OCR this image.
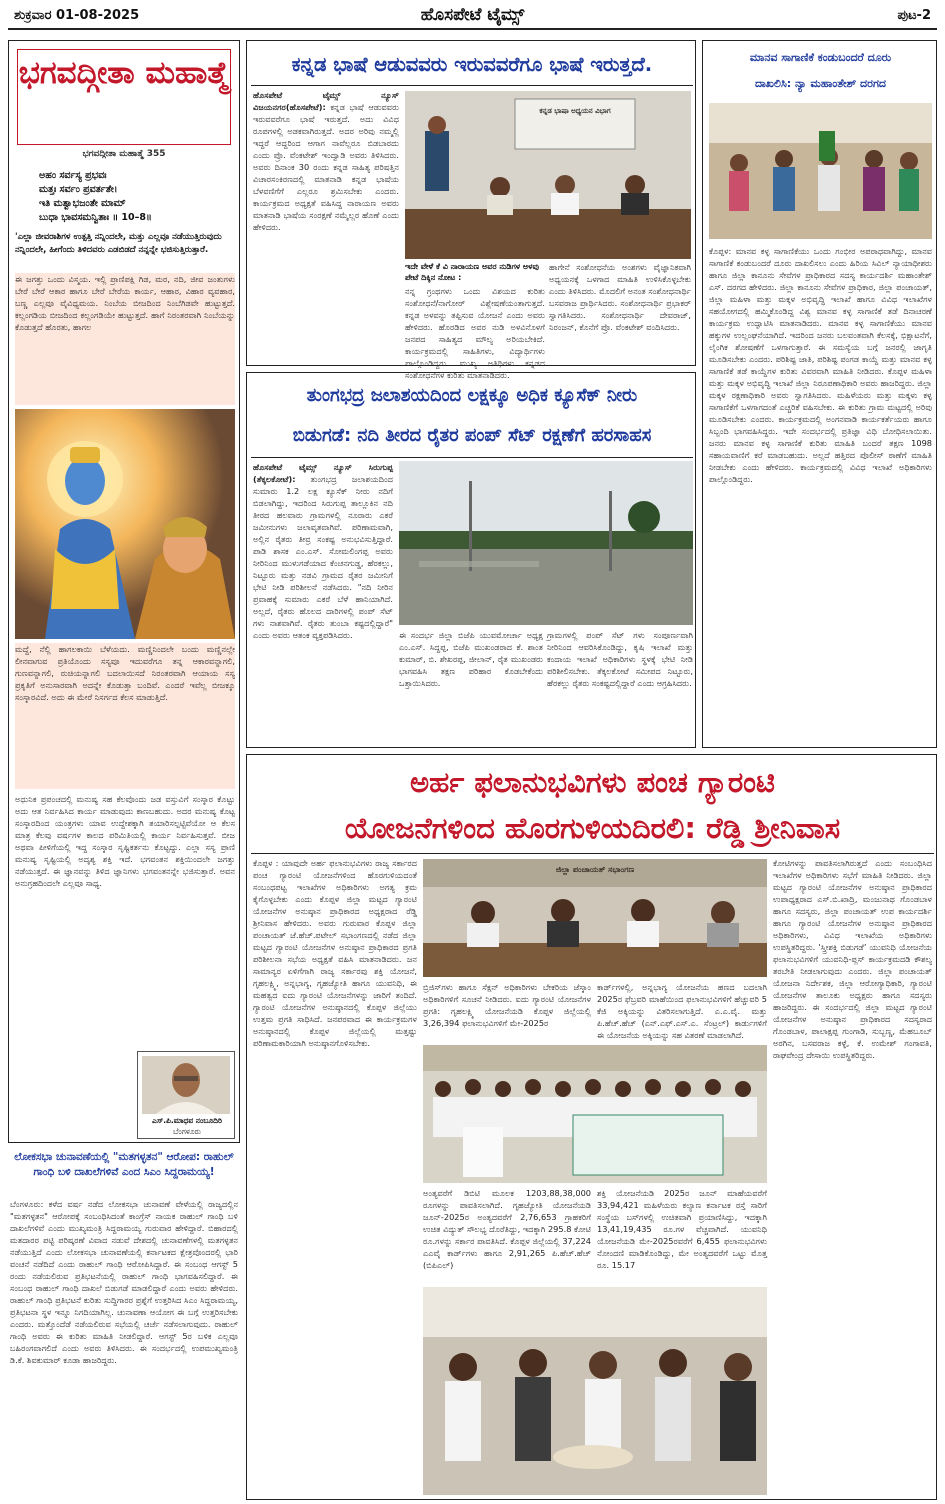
ಶುಕ್ರವಾರ 01-08-2025	ಹೊಸಪೇಟೆ ಟೈಮ್ಸ್	ಪುಟ-2
ಭಗವದ್ಗೀತಾ ಮಹಾತ್ಮೆ
ಭಗವದ್ಗೀತಾ ಮಹಾತ್ಮೆ 355
ಅಹಂ ಸರ್ವಸ್ಯ ಪ್ರಭವಃ
ಮತ್ತಃ ಸರ್ವಂ ಪ್ರವರ್ತತೇ।
ಇತಿ ಮತ್ವಾಭಜಂತೇ ಮಾಮ್
ಬುಧಾ ಭಾವಸಮನ್ವಿತಾಃ ॥ 10–8॥
'ಎಲ್ಲಾ ಜೀವರಾಶಿಗಳ ಉತ್ಪತ್ತಿ ನನ್ನಿಂದಲೇ, ಮತ್ತು ಎಲ್ಲವೂ ನಡೆಯುತ್ತಿರುವುದು ನನ್ನಿಂದಲೇ, ಹೀಗೆಂದು ತಿಳಿದವರು ಎಡಬಿಡದೆ ನನ್ನನ್ನೇ ಭಜಿಸುತ್ತಿರುತ್ತಾರೆ.
ಈ ಜಗತ್ತು ಒಂದು ವಿಸ್ಮಯ. ಇಲ್ಲಿ ಪ್ರಾಣಿಪಕ್ಷಿ ಗಿಡ, ಮರ, ನದಿ, ಜೀವ ಜಂತುಗಳು ಬೇರೆ ಬೇರೆ ಆಕಾರ ಹಾಗೂ ಬೇರೆ ಬೇರೆಯ ಕಾರ್ಯ, ಆಹಾರ, ವಿಹಾರ ವ್ಯವಹಾರ, ಬಣ್ಣ ಎಲ್ಲವೂ ವೈವಿಧ್ಯಮಯ. ನಿಂಬೆಯ ಬೀಜದಿಂದ ನಿಂಬೆಗಿಡವೇ ಹುಟ್ಟುತ್ತದೆ. ಕಲ್ಲಂಗಡಿಯ ಬೀಜದಿಂದ ಕಲ್ಲಂಗಡಿಯೇ ಹುಟ್ಟುತ್ತದೆ. ಹಾಗೆ ನಿರಂತರವಾಗಿ ನಿಂಬೆಯನ್ನು ಕೊಡುತ್ತದೆ ಹೊರತು, ಹಾಗಲ
ಮದ್ದೆ, ನೆಲ್ಲಿ ಹಾಗಲಕಾಯಿ ಬೆಳೆಯದು. ಮಣ್ಣಿನಿಂದಲೇ ಬಂದು ಮಣ್ಣಿನಲ್ಲೇ ಲೀನವಾಗುವ ಪ್ರತಿಯೊಂದು ಸಸ್ಯವೂ ಇದುವರೆಗೂ ತನ್ನ ಆಕಾರವನ್ನಾಗಲಿ, ಗುಣವನ್ನಾಗಲಿ, ರುಚಿಯನ್ನಾಗಲಿ ಬದಲಾಯಿಸದೆ ನಿರಂತರವಾಗಿ ಆಯಾಯ ಸಸ್ಯ ಪ್ರಕೃತಿಗೆ ಅನುಸಾರವಾಗಿ ಅದನ್ನೇ ಕೊಡುತ್ತಾ ಬಂದಿವೆ. ಎಂದರೆ ಇವೆಲ್ಲ ಬೀಜಕ್ಕೂ ಸಂಸ್ಕಾರವಿದೆ. ಅದು ಈ ಮೇರೆ ನಿಸರ್ಗದ ಕೆಲಸ ಮಾಡುತ್ತಿದೆ.
ಅಧುನಿಕ ಪ್ರಪಂಚದಲ್ಲಿ ಮನುಷ್ಯ ಸಹ ಕೆಲವೊಂದು ಜಡ ವಸ್ತುವಿಗೆ ಸಂಸ್ಕಾರ ಕೊಟ್ಟು ಅದು ಆತ ನಿರ್ವಹಿಸಿದ ಕಾರ್ಯ ಮಾಡುವುದು ಕಾಣಬಹುದು. ಅದರ ಮನುಷ್ಯ ಕೊಟ್ಟ ಸಂಸ್ಕಾರದಿಂದ ಯಂತ್ರಗಳು ಯಾವ ಉದ್ದೇಶಕ್ಕಾಗಿ ತಯಾರಿಸಲ್ಪಟ್ಟಿವೆಯೋ ಆ ಕೆಲಸ ಮಾತ್ರ ಕೆಲವು ವರ್ಷಗಳ ಕಾಲದ ಪರಿಮಿತಿಯಲ್ಲಿ ಕಾರ್ಯ ನಿರ್ವಹಿಸುತ್ತವೆ. ಬೀಜ ಅಥವಾ ಪೀಳಿಗೆಯಲ್ಲಿ ಇದ್ದ ಸಂಸ್ಕಾರ ಸೃಷ್ಟಿಕರ್ತನು ಕೊಟ್ಟದ್ದು. ಎಲ್ಲಾ ಸಸ್ಯ ಪ್ರಾಣಿ ಮನುಷ್ಯ ಸೃಷ್ಟಿಯಲ್ಲಿ ಅದೃಶ್ಯ ಶಕ್ತಿ ಇದೆ. ಭಗವಂತನ ಶಕ್ತಿಯಿಂದಲೇ ಜಗತ್ತು ನಡೆಯುತ್ತದೆ. ಈ ಜ್ಞಾನವನ್ನು ತಿಳಿದ ಜ್ಞಾನಿಗಳು ಭಗವಂತನನ್ನೇ ಭಜಿಸುತ್ತಾರೆ. ಅವನ ಅನುಗ್ರಹದಿಂದಲೇ ಎಲ್ಲವೂ ಸಾಧ್ಯ.
ಎಸ್.ಪಿ.ಮಾಧವ ನಂಬೂದಿರಿ
ಬೆಂಗಳೂರು
ಲೋಕಸಭಾ ಚುನಾವಣೆಯಲ್ಲಿ "ಮತಗಳ್ಳತನ" ಆರೋಪ: ರಾಹುಲ್ ಗಾಂಧಿ ಬಳಿ ದಾಖಲೆಗಳಿವೆ ಎಂದ ಸಿಎಂ ಸಿದ್ದರಾಮಯ್ಯ!
ಬೆಂಗಳೂರು: ಕಳೆದ ವರ್ಷ ನಡೆದ ಲೋಕಸಭಾ ಚುನಾವಣೆ ವೇಳೆಯಲ್ಲಿ ರಾಜ್ಯದಲ್ಲಿನ "ಮತಗಳ್ಳತನ" ಆರೋಪಕ್ಕೆ ಸಂಬಂಧಿಸಿದಂತೆ ಕಾಂಗ್ರೆಸ್ ನಾಯಕ ರಾಹುಲ್ ಗಾಂಧಿ ಬಳಿ ದಾಖಲೆಗಳಿವೆ ಎಂದು ಮುಖ್ಯಮಂತ್ರಿ ಸಿದ್ದರಾಮಯ್ಯ ಗುರುವಾರ ಹೇಳಿದ್ದಾರೆ. ಬಿಹಾರದಲ್ಲಿ ಮತದಾರರ ಪಟ್ಟಿ ಪರಿಷ್ಕರಣೆ ವಿವಾದ ನಡುವೆ ದೇಶದಲ್ಲಿ ಚುನಾವಣೆಗಳಲ್ಲಿ ಮತಗಳ್ಳತನ ನಡೆಯುತ್ತಿದೆ ಎಂದು ಲೋಕಸಭಾ ಚುನಾವಣೆಯಲ್ಲಿ ಕರ್ನಾಟಕದ ಕ್ಷೇತ್ರವೊಂದರಲ್ಲಿ ಭಾರಿ ವಂಚನೆ ನಡೆದಿದೆ ಎಂದು ರಾಹುಲ್ ಗಾಂಧಿ ಆರೋಪಿಸಿದ್ದಾರೆ. ಈ ಸಂಬಂಧ ಆಗಸ್ಟ್ 5 ರಂದು ನಡೆಯಲಿರುವ ಪ್ರತಿಭಟನೆಯಲ್ಲಿ ರಾಹುಲ್ ಗಾಂಧಿ ಭಾಗವಹಿಸಲಿದ್ದಾರೆ. ಈ ಸಂಬಂಧ ರಾಹುಲ್ ಗಾಂಧಿ ದಾಖಲೆ ಬಿಡುಗಡೆ ಮಾಡಲಿದ್ದಾರೆ ಎಂದು ಅವರು ಹೇಳಿದರು. ರಾಹುಲ್ ಗಾಂಧಿ ಪ್ರತಿಭಟನೆ ಕುರಿತು ಸುದ್ದಿಗಾರರ ಪ್ರಶ್ನೆಗೆ ಉತ್ತರಿಸಿದ ಸಿಎಂ ಸಿದ್ದರಾಮಯ್ಯ, ಪ್ರತಿಭಟನಾ ಸ್ಥಳ ಇನ್ನೂ ನಿಗದಿಯಾಗಿಲ್ಲ. ಚುನಾವಣಾ ಆಯೋಗ ಈ ಬಗ್ಗೆ ಉತ್ತರಿಸಬೇಕು ಎಂದರು. ಮತ್ತೊಂದೆಡೆ ನಡೆಯಲಿರುವ ಸಭೆಯಲ್ಲಿ ಚರ್ಚೆ ನಡೆಸಲಾಗುವುದು. ರಾಹುಲ್ ಗಾಂಧಿ ಅವರು ಈ ಕುರಿತು ಮಾಹಿತಿ ನೀಡಲಿದ್ದಾರೆ. ಆಗಸ್ಟ್ 5ರ ಬಳಿಕ ಎಲ್ಲವೂ ಬಹಿರಂಗವಾಗಲಿದೆ ಎಂದು ಅವರು ತಿಳಿಸಿದರು. ಈ ಸಂದರ್ಭದಲ್ಲಿ ಉಪಮುಖ್ಯಮಂತ್ರಿ ಡಿ.ಕೆ. ಶಿವಕುಮಾರ್ ಕೂಡಾ ಹಾಜರಿದ್ದರು.
ಕನ್ನಡ ಭಾಷೆ ಆಡುವವರು ಇರುವವರೆಗೂ ಭಾಷೆ ಇರುತ್ತದೆ.
ಹೊಸಪೇಟೆ ಟೈಮ್ಸ್ ನ್ಯೂಸ್ ವಿಜಯನಗರ(ಹೊಸಪೇಟೆ): ಕನ್ನಡ ಭಾಷೆ ಆಡುವವರು ಇರುವವರೆಗೂ ಭಾಷೆ ಇರುತ್ತದೆ. ಅದು ವಿವಿಧ ರೂಪಗಳಲ್ಲಿ ಅಡಕವಾಗಿರುತ್ತದೆ. ಅದರ ಅರಿವು ನಮ್ಮಲ್ಲಿ ಇದ್ದರೆ ಆದ್ದರಿಂದ ಆಗಾಗ ನಾವೆಲ್ಲರೂ ಬಿಡಬಾರದು ಎಂದು ಪ್ರೊ. ವೆಂಕಟೇಶ್ ಇಂದ್ವಾಡಿ ಅವರು ತಿಳಿಸಿದರು. ಅವರು ದಿನಾಂಕ 30 ರಂದು ಕನ್ನಡ ಸಾಹಿತ್ಯ ಪರಿಷತ್ತಿನ ವಿಚಾರಸಂಕಿರಣದಲ್ಲಿ ಮಾತನಾಡಿ ಕನ್ನಡ ಭಾಷೆಯ ಬೆಳವಣಿಗೆಗೆ ಎಲ್ಲರೂ ಶ್ರಮಿಸಬೇಕು ಎಂದರು. ಕಾರ್ಯಕ್ರಮದ ಅಧ್ಯಕ್ಷತೆ ವಹಿಸಿದ್ದ ನಾರಾಯಣ ಅವರು ಮಾತನಾಡಿ ಭಾಷೆಯ ಸಂರಕ್ಷಣೆ ನಮ್ಮೆಲ್ಲರ ಹೊಣೆ ಎಂದು ಹೇಳಿದರು.
ಕನ್ನಡ ಭಾಷಾ ಅಧ್ಯಯನ ವಿಭಾಗ
ಇದೇ ವೇಳೆ ಕೆ ವಿ ನಾರಾಯಣ ಅವರ ನುಡಿಗಳ ಅಳವು ಪೇಟೆ ದಿಕ್ಕಿನ ನೋಟ :
ನನ್ನ ಗ್ರಂಥಗಳು ಒಂದು ವಿಶಯದ ಕುರಿತು ಸಂಶೋಧನೆ/ನಾಗೋರ್ ವಿಶ್ಲೇಷಣೆಯಂತಾಗುತ್ತದೆ. ಕನ್ನಡ ಅಳವನ್ನು ತಪ್ಪಿಸುವ ಯೋಜನೆ ಎಂದು ಅವರು ಹೇಳಿದರು. ಹೊರಡಿದ ಅವರ ನುಡಿ ಅಳವಿನೊಳಗೆ ಜನಪದ ಸಾಹಿತ್ಯದ ಮೌಲ್ಯ ಅರಿಯಬೇಕಿದೆ. ಕಾರ್ಯಕ್ರಮದಲ್ಲಿ ಸಾಹಿತಿಗಳು, ವಿದ್ಯಾರ್ಥಿಗಳು ಪಾಲ್ಗೊಂಡಿದ್ದರು. ಮುಖ್ಯ ಅತಿಥಿಗಳು ಕನ್ನಡದ ಸಂಶೋಧನೆಗಳ ಕುರಿತು ಮಾತನಾಡಿದರು.
ಹಾಗೇನೆ ಸಂಶೋಧನೆಯ ಅಂಶಗಳು ವೈಜ್ಞಾನಿಕವಾಗಿ ಅಧ್ಯಯನಕ್ಕೆ ಒಳಗಾದ ಮಾಹಿತಿ ಉಳಿಸಿಕೊಳ್ಳಬೇಕು ಎಂದು ತಿಳಿಸಿದರು. ಮೊದಲಿಗೆ ಅನಂತ ಸಂಶೋಧನಾರ್ಥಿ ಬಸವರಾಜ ಪ್ರಾರ್ಥಿಸಿದರು. ಸಂಶೋಧನಾರ್ಥಿ ಪ್ರಭಾಕರ್ ಸ್ವಾಗತಿಸಿದರು. ಸಂಶೋಧನಾರ್ಥಿ ದೇವರಾಜ್, ನಿರಂಜನ್, ಕೊನೆಗೆ ಪ್ರೊ. ವೆಂಕಟೇಶ್ ವಂದಿಸಿದರು.
ತುಂಗಭದ್ರ ಜಲಾಶಯದಿಂದ ಲಕ್ಷಕ್ಕೂ ಅಧಿಕ ಕ್ಯೂಸೆಕ್ ನೀರು
ಬಿಡುಗಡೆ: ನದಿ ತೀರದ ರೈತರ ಪಂಪ್ ಸೆಟ್ ರಕ್ಷಣೆಗೆ ಹರಸಾಹಸ
ಹೊಸಪೇಟೆ ಟೈಮ್ಸ್ ನ್ಯೂಸ್ ಸಿರುಗುಪ್ಪ (ತೆಕ್ಕಲಕೋಟೆ): ತುಂಗಭದ್ರ ಜಲಾಶಯದಿಂದ ಸುಮಾರು 1.2 ಲಕ್ಷ ಕ್ಯೂಸೆಕ್ ನೀರು ನದಿಗೆ ಬಿಡಲಾಗಿದ್ದು, ಇದರಿಂದ ಸಿರುಗುಪ್ಪ ತಾಲ್ಲೂಕಿನ ನದಿ ತೀರದ ಹಲವಾರು ಗ್ರಾಮಗಳಲ್ಲಿ ನೂರಾರು ಎಕರೆ ಜಮೀನುಗಳು ಜಲಾವೃತವಾಗಿವೆ. ಪರಿಣಾಮವಾಗಿ, ಅಲ್ಲಿನ ರೈತರು ತೀವ್ರ ಸಂಕಷ್ಟ ಅನುಭವಿಸುತ್ತಿದ್ದಾರೆ. ಪಾಡಿ ಶಾಸಕ ಎಂ.ಎಸ್. ಸೋಮಲಿಂಗಪ್ಪ ಅವರು ನೀರಿನಿಂದ ಮುಳುಗಡೆಯಾದ ಕೆಂಚನಗುಡ್ಡ, ಹೆರಕಲ್ಲು, ನಿಟ್ಟೂರು ಮತ್ತು ನಡವಿ ಗ್ರಾಮದ ರೈತರ ಜಮೀನಿಗೆ ಭೇಟಿ ನೀಡಿ ಪರಿಶೀಲನೆ ನಡೆಸಿದರು. "ನದಿ ನೀರಿನ ಪ್ರವಾಹಕ್ಕೆ ಸುಮಾರು ಎಕರೆ ಬೆಳೆ ಹಾನಿಯಾಗಿದೆ. ಅಲ್ಲದೆ, ರೈತರು ಹೊಲದ ದಾರಿಗಳಲ್ಲಿ ಪಂಪ್ ಸೆಟ್ ಗಳು ನಾಶವಾಗಿವೆ. ರೈತರು ತುಂಬಾ ಕಷ್ಟದಲ್ಲಿದ್ದಾರೆ" ಎಂದು ಅವರು ಆತಂಕ ವ್ಯಕ್ತಪಡಿಸಿದರು.	ಈ ಸಂದರ್ಭ ಜಿಲ್ಲಾ ಬಿಜೆಪಿ ಯುವಮೋರ್ಚಾ ಅಧ್ಯಕ್ಷ ಎಂ.ಎಸ್. ಸಿದ್ದಪ್ಪ, ಬಿಜೆಪಿ ಮುಖಂಡರಾದ ಕೆ. ಶಾಂತ ಕುಮಾರ್, ಬಿ. ಶೇಖರಪ್ಪ, ಜೀಲಾನ್, ರೈತ ಮುಖಂಡರು ಭಾಗವಹಿಸಿ ತಕ್ಷಣ ಪರಿಹಾರ ಕೊಡಬೇಕೆಂದು ಒತ್ತಾಯಿಸಿದರು.
ಗ್ರಾಮಗಳಲ್ಲಿ ಪಂಪ್ ಸೆಟ್ ಗಳು ಸಂಪೂರ್ಣವಾಗಿ ನೀರಿನಿಂದ ಆವರಿಸಿಕೊಂಡಿದ್ದು, ಕೃಷಿ ಇಲಾಖೆ ಮತ್ತು ಕಂದಾಯ ಇಲಾಖೆ ಅಧಿಕಾರಿಗಳು ಸ್ಥಳಕ್ಕೆ ಭೇಟಿ ನೀಡಿ ಪರಿಶೀಲಿಸಬೇಕು. ತೆಕ್ಕಲಕೋಟೆ ಸಮೀಪದ ನಿಟ್ಟೂರು, ಹೆರಕಲ್ಲು ರೈತರು ಸಂಕಷ್ಟದಲ್ಲಿದ್ದಾರೆ ಎಂದು ಆಗ್ರಹಿಸಿದರು.
ಮಾನವ ಸಾಗಾಣಿಕೆ ಕಂಡುಬಂದರೆ ದೂರು
ದಾಖಲಿಸಿ: ನ್ಯಾ ಮಹಾಂತೇಶ್ ದರಗದ
ಕೊಪ್ಪಳ: ಮಾನವ ಕಳ್ಳ ಸಾಗಾಣಿಕೆಯು ಒಂದು ಗಂಭೀರ ಅಪರಾಧವಾಗಿದ್ದು, ಮಾನವ ಸಾಗಾಣಿಕೆ ಕಂಡುಬಂದರೆ ದೂರು ದಾಖಲಿಸಲು ಎಂದು ಹಿರಿಯ ಸಿವಿಲ್ ನ್ಯಾಯಾಧೀಶರು ಹಾಗೂ ಜಿಲ್ಲಾ ಕಾನೂನು ಸೇವೆಗಳ ಪ್ರಾಧಿಕಾರದ ಸದಸ್ಯ ಕಾರ್ಯದರ್ಶಿ ಮಹಾಂತೇಶ್ ಎಸ್. ದರಗದ ಹೇಳಿದರು. ಜಿಲ್ಲಾ ಕಾನೂನು ಸೇವೆಗಳ ಪ್ರಾಧಿಕಾರ, ಜಿಲ್ಲಾ ಪಂಚಾಯತ್, ಜಿಲ್ಲಾ ಮಹಿಳಾ ಮತ್ತು ಮಕ್ಕಳ ಅಭಿವೃದ್ಧಿ ಇಲಾಖೆ ಹಾಗೂ ವಿವಿಧ ಇಲಾಖೆಗಳ ಸಹಯೋಗದಲ್ಲಿ ಹಮ್ಮಿಕೊಂಡಿದ್ದ ವಿಶ್ವ ಮಾನವ ಕಳ್ಳ ಸಾಗಾಣಿಕೆ ತಡೆ ದಿನಾಚರಣೆ ಕಾರ್ಯಕ್ರಮ ಉದ್ಘಾಟಿಸಿ ಮಾತನಾಡಿದರು. ಮಾನವ ಕಳ್ಳ ಸಾಗಾಣಿಕೆಯು ಮಾನವ ಹಕ್ಕುಗಳ ಉಲ್ಲಂಘನೆಯಾಗಿದೆ. ಇದರಿಂದ ಜನರು ಬಲವಂತವಾಗಿ ಕೆಲಸಕ್ಕೆ, ಭಿಕ್ಷಾಟನೆಗೆ, ಲೈಂಗಿಕ ಶೋಷಣೆಗೆ ಒಳಗಾಗುತ್ತಾರೆ. ಈ ಸಮಸ್ಯೆಯ ಬಗ್ಗೆ ಜನರಲ್ಲಿ ಜಾಗೃತಿ ಮೂಡಿಸಬೇಕು ಎಂದರು. ಪರಿಶಿಷ್ಟ ಜಾತಿ, ಪರಿಶಿಷ್ಟ ಪಂಗಡ ಕಾಯ್ದೆ ಮತ್ತು ಮಾನವ ಕಳ್ಳ ಸಾಗಾಣಿಕೆ ತಡೆ ಕಾಯ್ದೆಗಳ ಕುರಿತು ವಿವರವಾಗಿ ಮಾಹಿತಿ ನೀಡಿದರು. ಕೊಪ್ಪಳ ಮಹಿಳಾ ಮತ್ತು ಮಕ್ಕಳ ಅಭಿವೃದ್ಧಿ ಇಲಾಖೆ ಜಿಲ್ಲಾ ನಿರೂಪಣಾಧಿಕಾರಿ ಅವರು ಹಾಜರಿದ್ದರು. ಜಿಲ್ಲಾ ಮಕ್ಕಳ ರಕ್ಷಣಾಧಿಕಾರಿ ಅವರು ಸ್ವಾಗತಿಸಿದರು. ಮಹಿಳೆಯರು ಮತ್ತು ಮಕ್ಕಳು ಕಳ್ಳ ಸಾಗಾಣಿಕೆಗೆ ಒಳಗಾಗದಂತೆ ಎಚ್ಚರಿಕೆ ವಹಿಸಬೇಕು. ಈ ಕುರಿತು ಗ್ರಾಮ ಮಟ್ಟದಲ್ಲಿ ಅರಿವು ಮೂಡಿಸಬೇಕು ಎಂದರು. ಕಾರ್ಯಕ್ರಮದಲ್ಲಿ ಅಂಗನವಾಡಿ ಕಾರ್ಯಕರ್ತೆಯರು ಹಾಗೂ ಸಿಬ್ಬಂದಿ ಭಾಗವಹಿಸಿದ್ದರು. ಇದೇ ಸಂದರ್ಭದಲ್ಲಿ ಪ್ರತಿಜ್ಞಾ ವಿಧಿ ಬೋಧಿಸಲಾಯಿತು. ಜನರು ಮಾನವ ಕಳ್ಳ ಸಾಗಾಣಿಕೆ ಕುರಿತು ಮಾಹಿತಿ ಬಂದರೆ ತಕ್ಷಣ 1098 ಸಹಾಯವಾಣಿಗೆ ಕರೆ ಮಾಡಬಹುದು. ಅಲ್ಲದೆ ಹತ್ತಿರದ ಪೊಲೀಸ್ ಠಾಣೆಗೆ ಮಾಹಿತಿ ನೀಡಬೇಕು ಎಂದು ಹೇಳಿದರು. ಕಾರ್ಯಕ್ರಮದಲ್ಲಿ ವಿವಿಧ ಇಲಾಖೆ ಅಧಿಕಾರಿಗಳು ಪಾಲ್ಗೊಂಡಿದ್ದರು.
ಅರ್ಹ ಫಲಾನುಭವಿಗಳು ಪಂಚ ಗ್ಯಾರಂಟಿ
ಯೋಜನೆಗಳಿಂದ ಹೊರಗುಳಿಯದಿರಲಿ: ರೆಡ್ಡಿ ಶ್ರೀನಿವಾಸ
ಕೊಪ್ಪಳ : ಯಾವುದೇ ಅರ್ಹ ಫಲಾನುಭವಿಗಳು ರಾಜ್ಯ ಸರ್ಕಾರದ ಪಂಚ ಗ್ಯಾರಂಟಿ ಯೋಜನೆಗಳಿಂದ ಹೊರಗುಳಿಯದಂತೆ ಸಂಬಂಧಪಟ್ಟ ಇಲಾಖೆಗಳ ಅಧಿಕಾರಿಗಳು ಅಗತ್ಯ ಕ್ರಮ ಕೈಗೊಳ್ಳಬೇಕು ಎಂದು ಕೊಪ್ಪಳ ಜಿಲ್ಲಾ ಮಟ್ಟದ ಗ್ಯಾರಂಟಿ ಯೋಜನೆಗಳ ಅನುಷ್ಠಾನ ಪ್ರಾಧಿಕಾರದ ಅಧ್ಯಕ್ಷರಾದ ರೆಡ್ಡಿ ಶ್ರೀನಿವಾಸ ಹೇಳಿದರು. ಅವರು ಗುರುವಾರ ಕೊಪ್ಪಳ ಜಿಲ್ಲಾ ಪಂಚಾಯತ್ ಜೆ.ಹೆಚ್.ಪಟೇಲ್ ಸಭಾಂಗಣದಲ್ಲಿ ನಡೆದ ಜಿಲ್ಲಾ ಮಟ್ಟದ ಗ್ಯಾರಂಟಿ ಯೋಜನೆಗಳ ಅನುಷ್ಠಾನ ಪ್ರಾಧಿಕಾರದ ಪ್ರಗತಿ ಪರಿಶೀಲನಾ ಸಭೆಯ ಅಧ್ಯಕ್ಷತೆ ವಹಿಸಿ ಮಾತನಾಡಿದರು. ಜನ ಸಾಮಾನ್ಯರ ಏಳಿಗೆಗಾಗಿ ರಾಜ್ಯ ಸರ್ಕಾರವು ಶಕ್ತಿ ಯೋಜನೆ, ಗೃಹಲಕ್ಷ್ಮಿ, ಅನ್ನಭಾಗ್ಯ, ಗೃಹಜ್ಯೋತಿ ಹಾಗೂ ಯುವನಿಧಿ, ಈ ಮಹತ್ವದ ಐದು ಗ್ಯಾರಂಟಿ ಯೋಜನೆಗಳನ್ನು ಜಾರಿಗೆ ತಂದಿದೆ. ಗ್ಯಾರಂಟಿ ಯೋಜನೆಗಳ ಅನುಷ್ಠಾನದಲ್ಲಿ ಕೊಪ್ಪಳ ಜಿಲ್ಲೆಯು ಉತ್ತಮ ಪ್ರಗತಿ ಸಾಧಿಸಿದೆ. ಜನಪರವಾದ ಈ ಕಾರ್ಯಕ್ರಮಗಳ ಅನುಷ್ಠಾನದಲ್ಲಿ ಕೊಪ್ಪಳ ಜಿಲ್ಲೆಯಲ್ಲಿ ಮತ್ತಷ್ಟು ಪರಿಣಾಮಕಾರಿಯಾಗಿ ಅನುಷ್ಠಾನಗೊಳಿಸಬೇಕು.
ಜಿಲ್ಲಾ ಪಂಚಾಯತ್ ಸಭಾಂಗಣ
ಬ್ರಿಜಿಸ್‌ಗಳು ಹಾಗೂ ಸೆಕ್ಷನ್ ಅಧಿಕಾರಿಗಳು ಬೇಕರಿಯ ಜೆಸ್ಕಾಂ ಅಧಿಕಾರಿಗಳಿಗೆ ಸೂಚನೆ ನೀಡಿದರು. ಐದು ಗ್ಯಾರಂಟಿ ಯೋಜನೆಗಳ ಪ್ರಗತಿ: ಗೃಹಲಕ್ಷ್ಮಿ ಯೋಜನೆಯಡಿ ಕೊಪ್ಪಳ ಜಿಲ್ಲೆಯಲ್ಲಿ 3,26,394 ಫಲಾನುಭವಿಗಳಿಗೆ ಮೇ-2025ರ
ಕಾರ್ಡ್‌ಗಳಲ್ಲಿ, ಅನ್ನಭಾಗ್ಯ ಯೋಜನೆಯ ಹಣದ ಬದಲಾಗಿ 2025ರ ಫೆಬ್ರವರಿ ಮಾಹೆಯಿಂದ ಫಲಾನುಭವಿಗಳಿಗೆ ಹೆಚ್ಚುವರಿ 5 ಕೆಜಿ ಅಕ್ಕಿಯನ್ನು ವಿತರಿಸಲಾಗುತ್ತಿದೆ. ಎ.ಎ.ವೈ. ಮತ್ತು ಪಿ.ಹೆಚ್.ಹೆಚ್ (ಎನ್.ಎಫ್.ಎಸ್.ಎ. ಸೆಂಟ್ರಲ್) ಕಾರ್ಡುಗಳಿಗೆ ಈ ಯೋಜನೆಯ ಅಕ್ಕಿಯನ್ನು ಸಹ ವಿತರಣೆ ಮಾಡಲಾಗಿದೆ.
ಅಂತ್ಯವರೆಗೆ ಡಿಬಿಟಿ ಮೂಲಕ 1203,88,38,000 ರೂಗಳನ್ನು ಪಾವತಿಸಲಾಗಿದೆ. ಗೃಹಜ್ಯೋತಿ ಯೋಜನೆಯಡಿ ಜೂನ್-2025ರ ಅಂತ್ಯದವರೆಗೆ 2,76,653 ಗ್ರಾಹಕರಿಗೆ ಉಚಿತ ವಿದ್ಯುತ್ ಸೌಲಭ್ಯ ದೊರೆತಿದ್ದು, ಇದಕ್ಕಾಗಿ 295.8 ಕೋಟಿ ರೂ.ಗಳನ್ನು ಸರ್ಕಾರ ಪಾವತಿಸಿದೆ. ಕೊಪ್ಪಳ ಜಿಲ್ಲೆಯಲ್ಲಿ 37,224 ಎಎವೈ ಕಾರ್ಡ್‌ಗಳು ಹಾಗೂ 2,91,265 ಪಿ.ಹೆಚ್.ಹೆಚ್ (ಬಿಪಿಎಲ್)
ಶಕ್ತಿ ಯೋಜನೆಯಡಿ 2025ರ ಜೂನ್ ಮಾಹೆಯವರೆಗೆ 33,94,421 ಮಹಿಳೆಯರು ಕಲ್ಯಾಣ ಕರ್ನಾಟಕ ರಸ್ತೆ ಸಾರಿಗೆ ಸಂಸ್ಥೆಯ ಬಸ್‌ಗಳಲ್ಲಿ ಉಚಿತವಾಗಿ ಪ್ರಯಾಣಿಸಿದ್ದು, ಇದಕ್ಕಾಗಿ 13,41,19,435 ರೂ.ಗಳ ವೆಚ್ಚವಾಗಿದೆ. ಯುವನಿಧಿ ಯೋಜನೆಯಡಿ ಮೇ-2025ರವರೆಗೆ 6,455 ಫಲಾನುಭವಿಗಳು ನೋಂದಣಿ ಮಾಡಿಕೊಂಡಿದ್ದು, ಮೇ ಅಂತ್ಯದವರೆಗೆ ಒಟ್ಟು ಮೊತ್ತ ರೂ. 15.17
ಕೋಟಿಗಳನ್ನು ಪಾವತಿಸಲಾಗಿರುತ್ತದೆ ಎಂದು ಸಂಬಂಧಿಸಿದ ಇಲಾಖೆಗಳ ಅಧಿಕಾರಿಗಳು ಸಭೆಗೆ ಮಾಹಿತಿ ನೀಡಿದರು. ಜಿಲ್ಲಾ ಮಟ್ಟದ ಗ್ಯಾರಂಟಿ ಯೋಜನೆಗಳ ಅನುಷ್ಠಾನ ಪ್ರಾಧಿಕಾರದ ಉಪಾಧ್ಯಕ್ಷರಾದ ಎಸ್.ಬಿ.ಖಾದ್ರಿ, ಮಂಜುನಾಥ ಗೊಂಡಬಾಳ ಹಾಗೂ ಸದಸ್ಯರು, ಜಿಲ್ಲಾ ಪಂಚಾಯತ್ ಉಪ ಕಾರ್ಯದರ್ಶಿ ಹಾಗೂ ಗ್ಯಾರಂಟಿ ಯೋಜನೆಗಳ ಅನುಷ್ಠಾನ ಪ್ರಾಧಿಕಾರದ ಅಧಿಕಾರಿಗಳು, ವಿವಿಧ ಇಲಾಖೆಯ ಅಧಿಕಾರಿಗಳು ಉಪಸ್ಥಿತರಿದ್ದರು. ‘ಸ್ತ್ರೀಶಕ್ತಿ ಬಿಡುಗಡೆ’ ಯುವನಿಧಿ ಯೋಜನೆಯ ಫಲಾನುಭವಿಗಳಿಗೆ ಯುವನಿಧಿ-ಪ್ಲಸ್ ಕಾರ್ಯಕ್ರಮದಡಿ ಕೌಶಲ್ಯ ತರಬೇತಿ ನೀಡಲಾಗುವುದು ಎಂದರು. ಜಿಲ್ಲಾ ಪಂಚಾಯತ್ ಯೋಜನಾ ನಿರ್ದೇಶಕ, ಜಿಲ್ಲಾ ಆರೋಗ್ಯಾಧಿಕಾರಿ, ಗ್ಯಾರಂಟಿ ಯೋಜನೆಗಳ ತಾಲೂಕು ಅಧ್ಯಕ್ಷರು ಹಾಗೂ ಸದಸ್ಯರು ಹಾಜರಿದ್ದರು. ಈ ಸಂದರ್ಭದಲ್ಲಿ ಜಿಲ್ಲಾ ಮಟ್ಟದ ಗ್ಯಾರಂಟಿ ಯೋಜನೆಗಳ ಅನುಷ್ಠಾನ ಪ್ರಾಧಿಕಾರದ ಸದಸ್ಯರಾದ ಗೊಂಡಬಾಳ, ಪಾಲಾಕ್ಷಪ್ಪ ಗುಂಗಾಡಿ, ಸುಬ್ಬಣ್ಣ, ಮೆಹಬೂಬ್ ಅರಗಿನ, ಬಸವರಾಜ ಕಳ್ಳೆ, ಕೆ. ಉಮೇಶ್ ಗಂಗಾವತಿ, ರಾಘವೇಂದ್ರ ದೇಸಾಯಿ ಉಪಸ್ಥಿತರಿದ್ದರು.
